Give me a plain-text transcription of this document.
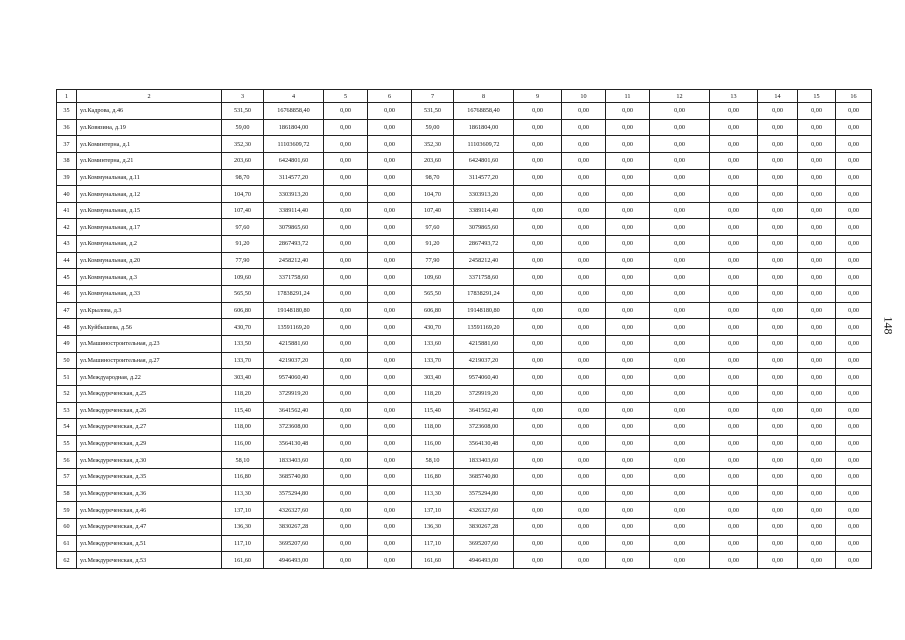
1	2	3	4	5	6	7	8	9	10	11	12	13	14	15	16
35	ул.Кадрова, д.46	531,50	16768858,40	0,00	0,00	531,50	16768858,40	0,00	0,00	0,00	0,00	0,00	0,00	0,00	0,00
36	ул.Ковязина, д.19	59,00	1861804,00	0,00	0,00	59,00	1861804,00	0,00	0,00	0,00	0,00	0,00	0,00	0,00	0,00
37	ул.Коминтерна, д.1	352,30	11103609,72	0,00	0,00	352,30	11103609,72	0,00	0,00	0,00	0,00	0,00	0,00	0,00	0,00
38	ул.Коминтерна, д.21	203,60	6424801,60	0,00	0,00	203,60	6424801,60	0,00	0,00	0,00	0,00	0,00	0,00	0,00	0,00
39	ул.Коммунальная, д.11	98,70	3114577,20	0,00	0,00	98,70	3114577,20	0,00	0,00	0,00	0,00	0,00	0,00	0,00	0,00
40	ул.Коммунальная, д.12	104,70	3303913,20	0,00	0,00	104,70	3303913,20	0,00	0,00	0,00	0,00	0,00	0,00	0,00	0,00
41	ул.Коммунальная, д.15	107,40	3389114,40	0,00	0,00	107,40	3389114,40	0,00	0,00	0,00	0,00	0,00	0,00	0,00	0,00
42	ул.Коммунальная, д.17	97,60	3079865,60	0,00	0,00	97,60	3079865,60	0,00	0,00	0,00	0,00	0,00	0,00	0,00	0,00
43	ул.Коммунальная, д.2	91,20	2867493,72	0,00	0,00	91,20	2867493,72	0,00	0,00	0,00	0,00	0,00	0,00	0,00	0,00
44	ул.Коммунальная, д.20	77,90	2458212,40	0,00	0,00	77,90	2458212,40	0,00	0,00	0,00	0,00	0,00	0,00	0,00	0,00
45	ул.Коммунальная, д.3	109,60	3371758,60	0,00	0,00	109,60	3371758,60	0,00	0,00	0,00	0,00	0,00	0,00	0,00	0,00
46	ул.Коммунальная, д.33	565,50	17838291,24	0,00	0,00	565,50	17838291,24	0,00	0,00	0,00	0,00	0,00	0,00	0,00	0,00
47	ул.Крылова, д.3	606,80	19148180,80	0,00	0,00	606,80	19148180,80	0,00	0,00	0,00	0,00	0,00	0,00	0,00	0,00
48	ул.Куйбышева, д.56	430,70	13591169,20	0,00	0,00	430,70	13591169,20	0,00	0,00	0,00	0,00	0,00	0,00	0,00	0,00
49	ул.Машиностроительная, д.23	133,50	4215881,60	0,00	0,00	133,60	4215881,60	0,00	0,00	0,00	0,00	0,00	0,00	0,00	0,00
50	ул.Машиностроительная, д.27	133,70	4219037,20	0,00	0,00	133,70	4219037,20	0,00	0,00	0,00	0,00	0,00	0,00	0,00	0,00
51	ул.Междуародная, д.22	303,40	9574060,40	0,00	0,00	303,40	9574060,40	0,00	0,00	0,00	0,00	0,00	0,00	0,00	0,00
52	ул.Междуреченская, д.25	118,20	3729919,20	0,00	0,00	118,20	3729919,20	0,00	0,00	0,00	0,00	0,00	0,00	0,00	0,00
53	ул.Междуреченская, д.26	115,40	3641562,40	0,00	0,00	115,40	3641562,40	0,00	0,00	0,00	0,00	0,00	0,00	0,00	0,00
54	ул.Междуреченская, д.27	118,00	3723608,00	0,00	0,00	118,00	3723608,00	0,00	0,00	0,00	0,00	0,00	0,00	0,00	0,00
55	ул.Междуреченская, д.29	116,00	3564130,48	0,00	0,00	116,00	3564130,48	0,00	0,00	0,00	0,00	0,00	0,00	0,00	0,00
56	ул.Междуреченская, д.30	58,10	1833403,60	0,00	0,00	58,10	1833403,60	0,00	0,00	0,00	0,00	0,00	0,00	0,00	0,00
57	ул.Междуреченская, д.35	116,80	3685740,80	0,00	0,00	116,80	3685740,80	0,00	0,00	0,00	0,00	0,00	0,00	0,00	0,00
58	ул.Междуреченская, д.36	113,30	3575294,80	0,00	0,00	113,30	3575294,80	0,00	0,00	0,00	0,00	0,00	0,00	0,00	0,00
59	ул.Междуреченская, д.46	137,10	4326327,60	0,00	0,00	137,10	4326327,60	0,00	0,00	0,00	0,00	0,00	0,00	0,00	0,00
60	ул.Междуреченская, д.47	136,30	3830267,28	0,00	0,00	136,30	3830267,28	0,00	0,00	0,00	0,00	0,00	0,00	0,00	0,00
61	ул.Междуреченская, д.51	117,10	3695207,60	0,00	0,00	117,10	3695207,60	0,00	0,00	0,00	0,00	0,00	0,00	0,00	0,00
62	ул.Междуреченская, д.53	161,60	4946493,00	0,00	0,00	161,60	4946493,00	0,00	0,00	0,00	0,00	0,00	0,00	0,00	0,00
148
